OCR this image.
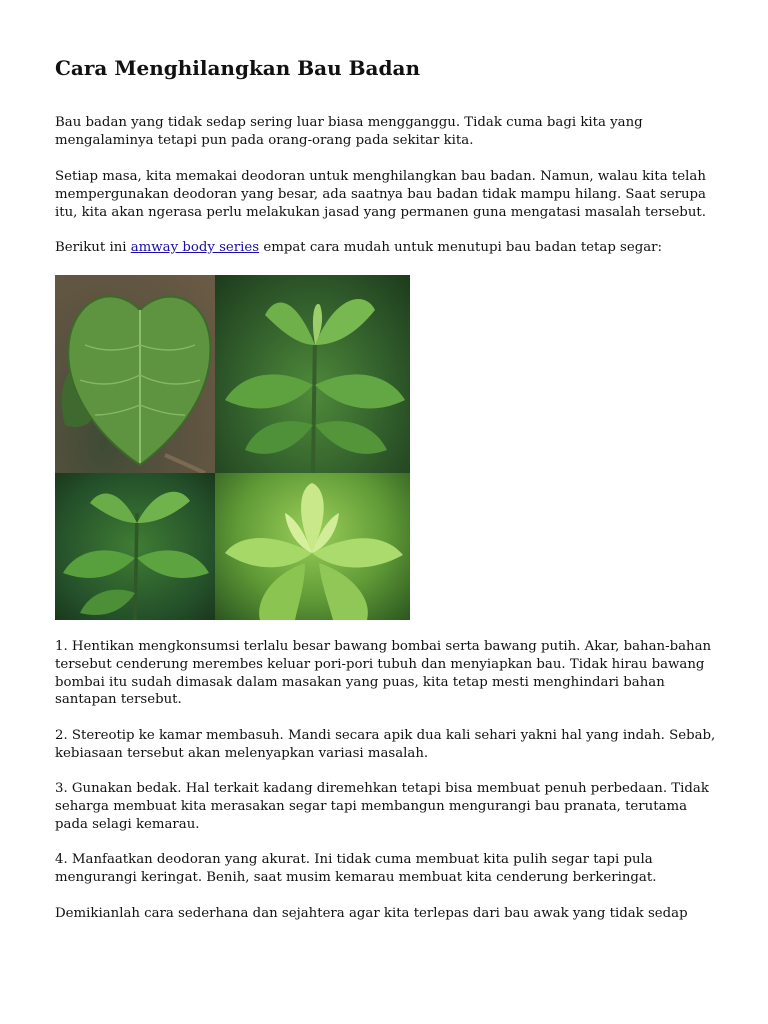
Cara Menghilangkan Bau Badan

Bau badan yang tidak sedap sering luar biasa mengganggu. Tidak cuma bagi kita yang mengalaminya tetapi pun pada orang-orang pada sekitar kita.

Setiap masa, kita memakai deodoran untuk menghilangkan bau badan. Namun, walau kita telah mempergunakan deodoran yang besar, ada saatnya bau badan tidak mampu hilang. Saat serupa itu, kita akan ngerasa perlu melakukan jasad yang permanen guna mengatasi masalah tersebut.

Berikut ini amway body series empat cara mudah untuk menutupi bau badan tetap segar:

1. Hentikan mengkonsumsi terlalu besar bawang bombai serta bawang putih. Akar, bahan-bahan tersebut cenderung merembes keluar pori-pori tubuh dan menyiapkan bau. Tidak hirau bawang bombai itu sudah dimasak dalam masakan yang puas, kita tetap mesti menghindari bahan santapan tersebut.

2. Stereotip ke kamar membasuh. Mandi secara apik dua kali sehari yakni hal yang indah. Sebab, kebiasaan tersebut akan melenyapkan variasi masalah.

3. Gunakan bedak. Hal terkait kadang diremehkan tetapi bisa membuat penuh perbedaan. Tidak seharga membuat kita merasakan segar tapi membangun mengurangi bau pranata, terutama pada selagi kemarau.

4. Manfaatkan deodoran yang akurat. Ini tidak cuma membuat kita pulih segar tapi pula mengurangi keringat. Benih, saat musim kemarau membuat kita cenderung berkeringat.

Demikianlah cara sederhana dan sejahtera agar kita terlepas dari bau awak yang tidak sedap
